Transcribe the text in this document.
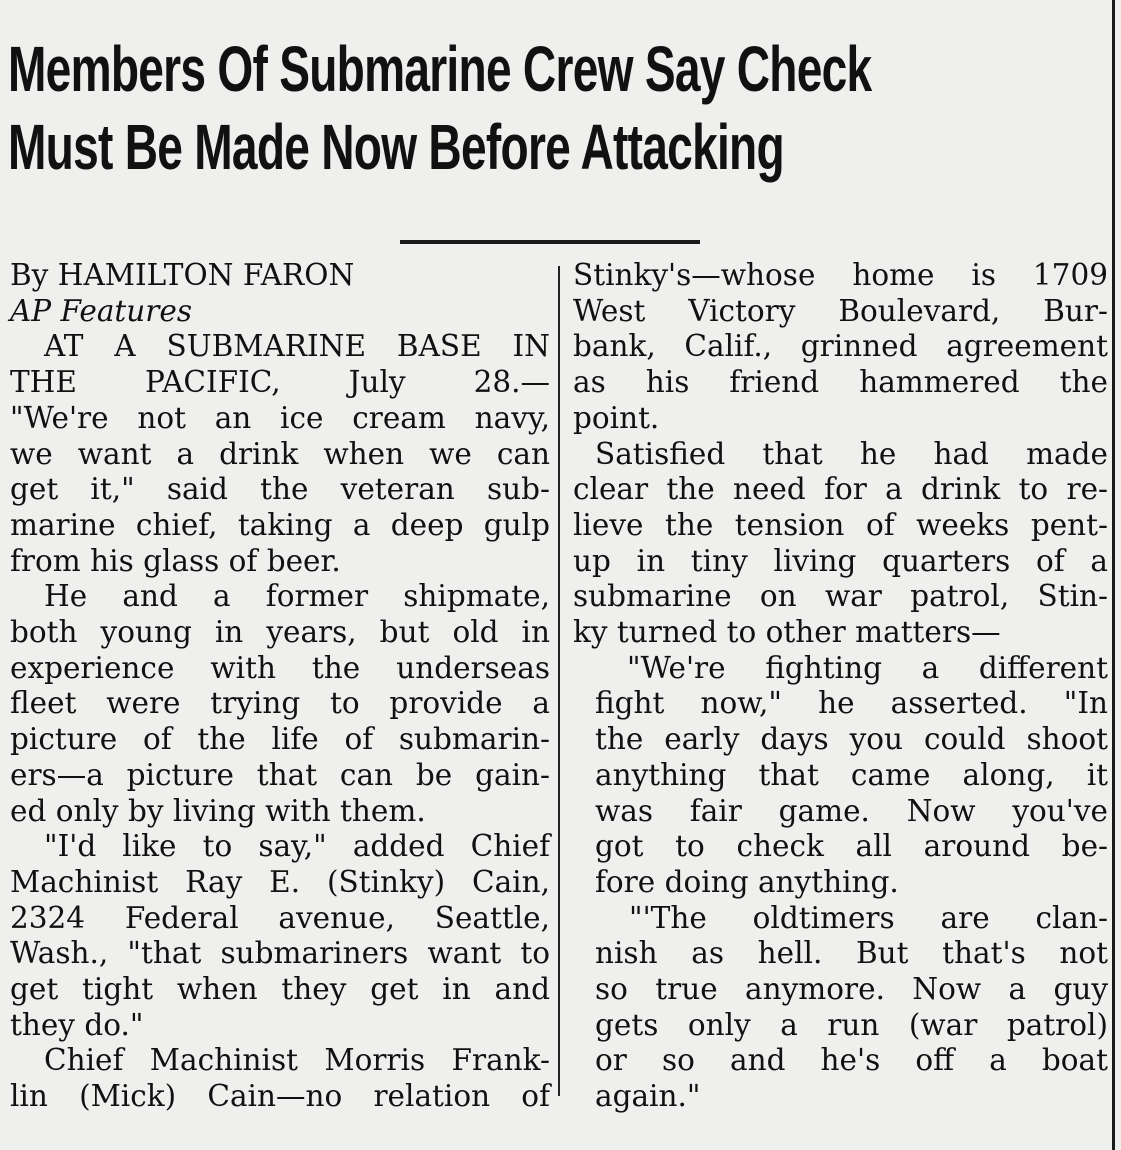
Members Of Submarine Crew Say Check
Must Be Made Now Before Attacking
By HAMILTON FARON
AP Features
AT A SUBMARINE BASE IN
THE PACIFIC, July 28.—
"We're not an ice cream navy,
we want a drink when we can
get it," said the veteran sub-
marine chief, taking a deep gulp
from his glass of beer.
He and a former shipmate,
both young in years, but old in
experience with the underseas
fleet were trying to provide a
picture of the life of submarin-
ers—a picture that can be gain-
ed only by living with them.
"I'd like to say," added Chief
Machinist Ray E. (Stinky) Cain,
2324 Federal avenue, Seattle,
Wash., "that submariners want to
get tight when they get in and
they do."
Chief Machinist Morris Frank-
lin (Mick) Cain—no relation of
Stinky's—whose home is 1709
West Victory Boulevard, Bur-
bank, Calif., grinned agreement
as his friend hammered the
point.
Satisfied that he had made
clear the need for a drink to re-
lieve the tension of weeks pent-
up in tiny living quarters of a
submarine on war patrol, Stin-
ky turned to other matters—
"We're fighting a different
fight now," he asserted. "In
the early days you could shoot
anything that came along, it
was fair game. Now you've
got to check all around be-
fore doing anything.
"'The oldtimers are clan-
nish as hell. But that's not
so true anymore. Now a guy
gets only a run (war patrol)
or so and he's off a boat
again."
